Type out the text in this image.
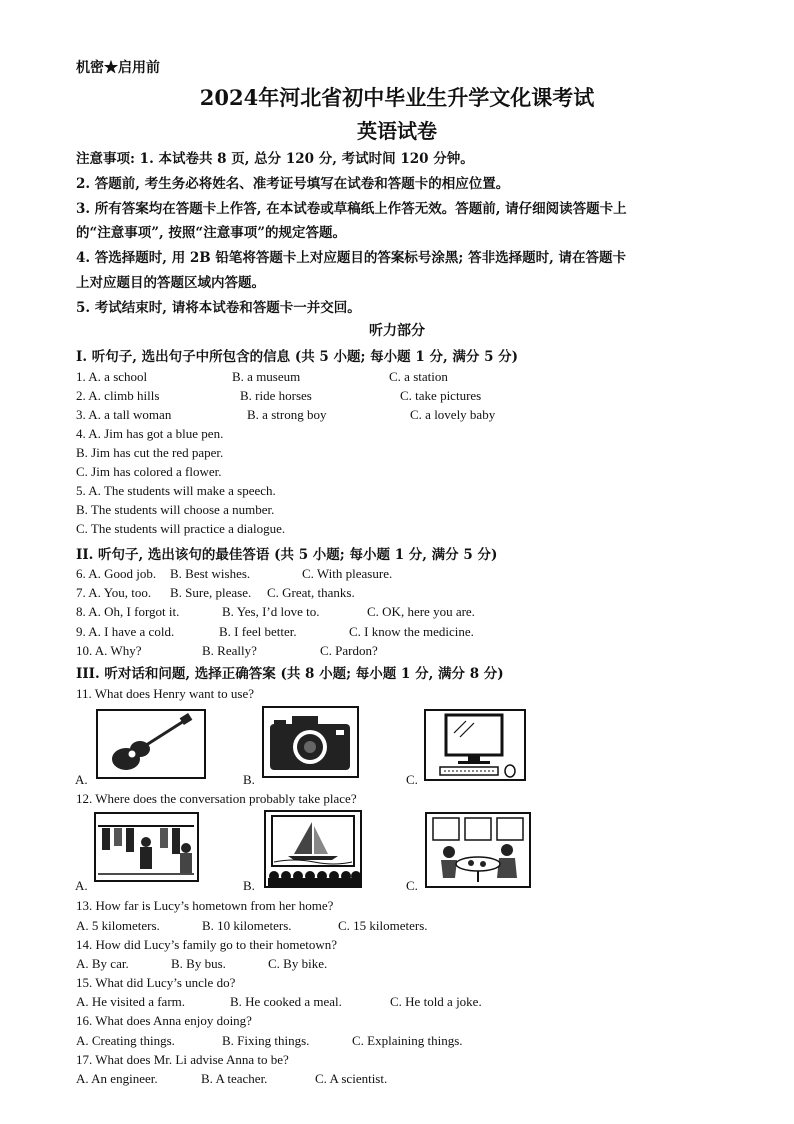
机密★启用前
2024年河北省初中毕业生升学文化课考试
英语试卷
注意事项: 1. 本试卷共 8 页, 总分 120 分, 考试时间 120 分钟。
2. 答题前, 考生务必将姓名、准考证号填写在试卷和答题卡的相应位置。
3. 所有答案均在答题卡上作答, 在本试卷或草稿纸上作答无效。答题前, 请仔细阅读答题卡上
的“注意事项”, 按照“注意事项”的规定答题。
4. 答选择题时, 用 2B 铅笔将答题卡上对应题目的答案标号涂黑; 答非选择题时, 请在答题卡
上对应题目的答题区域内答题。
5. 考试结束时, 请将本试卷和答题卡一并交回。
听力部分
I. 听句子, 选出句子中所包含的信息 (共 5 小题; 每小题 1 分, 满分 5 分)
1. A. a school	B. a museum	C. a station
2. A. climb hills	B. ride horses	C. take pictures
3. A. a tall woman	B. a strong boy	C. a lovely baby
4. A. Jim has got a blue pen.
B. Jim has cut the red paper.
C. Jim has colored a flower.
5. A. The students will make a speech.
B. The students will choose a number.
C. The students will practice a dialogue.
II. 听句子, 选出该句的最佳答语 (共 5 小题; 每小题 1 分, 满分 5 分)
6. A. Good job. B. Best wishes.	C. With pleasure.
7. A. You, too. B. Sure, please. C. Great, thanks.
8. A. Oh, I forgot it.	B. Yes, I’d love to.	C. OK, here you are.
9. A. I have a cold.	B. I feel better.	C. I know the medicine.
10. A. Why?	B. Really?	C. Pardon?
III. 听对话和问题, 选择正确答案 (共 8 小题; 每小题 1 分, 满分 8 分)
11. What does Henry want to use?
A.	B.	C.
12. Where does the conversation probably take place?
A.	B.	C.
13. How far is Lucy’s hometown from her home?
A. 5 kilometers.	B. 10 kilometers.	C. 15 kilometers.
14. How did Lucy’s family go to their hometown?
A. By car.	B. By bus.	C. By bike.
15. What did Lucy’s uncle do?
A. He visited a farm.	B. He cooked a meal.	C. He told a joke.
16. What does Anna enjoy doing?
A. Creating things.	B. Fixing things.	C. Explaining things.
17. What does Mr. Li advise Anna to be?
A. An engineer.	B. A teacher.	C. A scientist.
